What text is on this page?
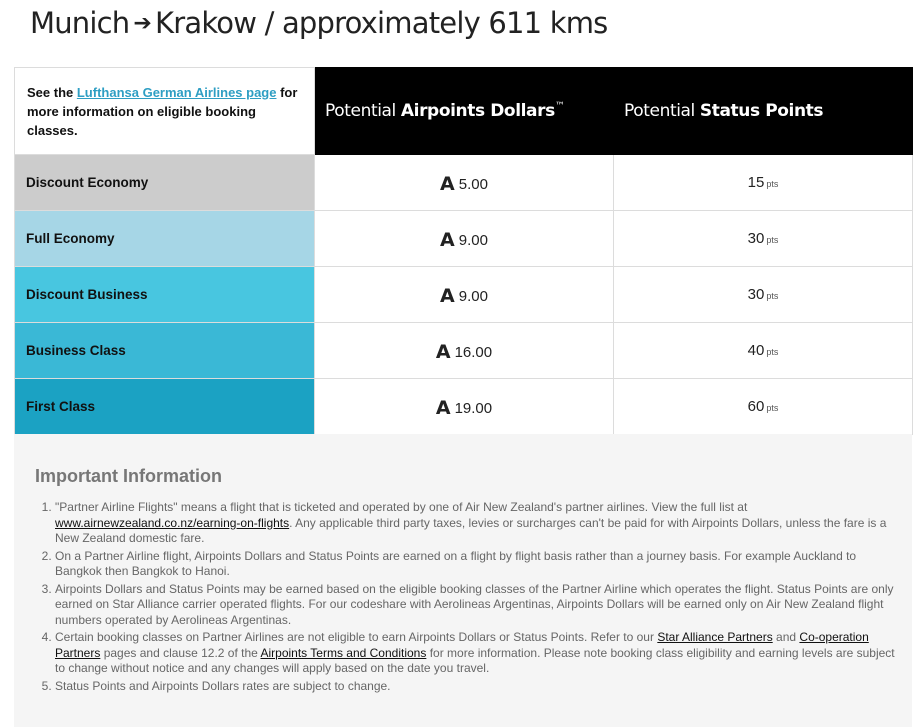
Munich ➔ Krakow / approximately 611 kms
See the Lufthansa German Airlines page for more information on eligible booking classes.	Potential Airpoints Dollars™	Potential Status Points
Discount Economy	A 5.00	15 pts
Full Economy	A 9.00	30 pts
Discount Business	A 9.00	30 pts
Business Class	A 16.00	40 pts
First Class	A 19.00	60 pts
Important Information
1. "Partner Airline Flights" means a flight that is ticketed and operated by one of Air New Zealand's partner airlines. View the full list at www.airnewzealand.co.nz/earning-on-flights. Any applicable third party taxes, levies or surcharges can't be paid for with Airpoints Dollars, unless the fare is a New Zealand domestic fare.
2. On a Partner Airline flight, Airpoints Dollars and Status Points are earned on a flight by flight basis rather than a journey basis. For example Auckland to Bangkok then Bangkok to Hanoi.
3. Airpoints Dollars and Status Points may be earned based on the eligible booking classes of the Partner Airline which operates the flight. Status Points are only earned on Star Alliance carrier operated flights. For our codeshare with Aerolineas Argentinas, Airpoints Dollars will be earned only on Air New Zealand flight numbers operated by Aerolineas Argentinas.
4. Certain booking classes on Partner Airlines are not eligible to earn Airpoints Dollars or Status Points. Refer to our Star Alliance Partners and Co-operation Partners pages and clause 12.2 of the Airpoints Terms and Conditions for more information. Please note booking class eligibility and earning levels are subject to change without notice and any changes will apply based on the date you travel.
5. Status Points and Airpoints Dollars rates are subject to change.
